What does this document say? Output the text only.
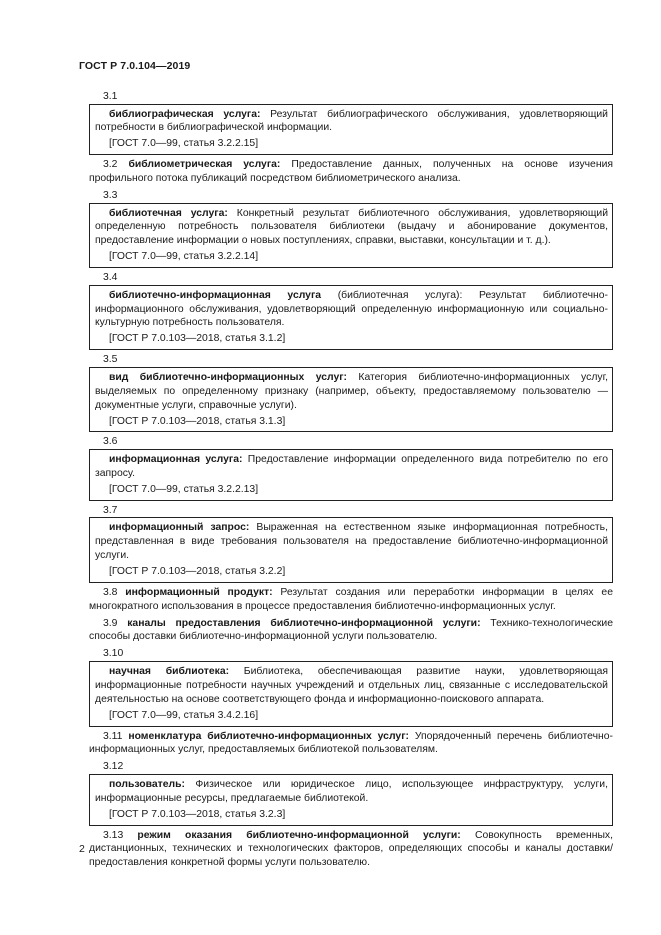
ГОСТ Р 7.0.104—2019
3.1
библиографическая услуга: Результат библиографического обслуживания, удовлетворяющий потребности в библиографической информации.
[ГОСТ 7.0—99, статья 3.2.2.15]
3.2 библиометрическая услуга: Предоставление данных, полученных на основе изучения профильного потока публикаций посредством библиометрического анализа.
3.3
библиотечная услуга: Конкретный результат библиотечного обслуживания, удовлетворяющий определенную потребность пользователя библиотеки (выдачу и абонирование документов, предоставление информации о новых поступлениях, справки, выставки, консультации и т. д.).
[ГОСТ 7.0—99, статья 3.2.2.14]
3.4
библиотечно-информационная услуга (библиотечная услуга): Результат библиотечно-информационного обслуживания, удовлетворяющий определенную информационную или социально-культурную потребность пользователя.
[ГОСТ Р 7.0.103—2018, статья 3.1.2]
3.5
вид библиотечно-информационных услуг: Категория библиотечно-информационных услуг, выделяемых по определенному признаку (например, объекту, предоставляемому пользователю — документные услуги, справочные услуги).
[ГОСТ Р 7.0.103—2018, статья 3.1.3]
3.6
информационная услуга: Предоставление информации определенного вида потребителю по его запросу.
[ГОСТ 7.0—99, статья 3.2.2.13]
3.7
информационный запрос: Выраженная на естественном языке информационная потребность, представленная в виде требования пользователя на предоставление библиотечно-информационной услуги.
[ГОСТ Р 7.0.103—2018, статья 3.2.2]
3.8 информационный продукт: Результат создания или переработки информации в целях ее многократного использования в процессе предоставления библиотечно-информационных услуг.
3.9 каналы предоставления библиотечно-информационной услуги: Технико-технологические способы доставки библиотечно-информационной услуги пользователю.
3.10
научная библиотека: Библиотека, обеспечивающая развитие науки, удовлетворяющая информационные потребности научных учреждений и отдельных лиц, связанные с исследовательской деятельностью на основе соответствующего фонда и информационно-поискового аппарата.
[ГОСТ 7.0—99, статья 3.4.2.16]
3.11 номенклатура библиотечно-информационных услуг: Упорядоченный перечень библиотечно-информационных услуг, предоставляемых библиотекой пользователям.
3.12
пользователь: Физическое или юридическое лицо, использующее инфраструктуру, услуги, информационные ресурсы, предлагаемые библиотекой.
[ГОСТ Р 7.0.103—2018, статья 3.2.3]
3.13 режим оказания библиотечно-информационной услуги: Совокупность временных, дистанционных, технических и технологических факторов, определяющих способы и каналы доставки/предоставления конкретной формы услуги пользователю.
2
